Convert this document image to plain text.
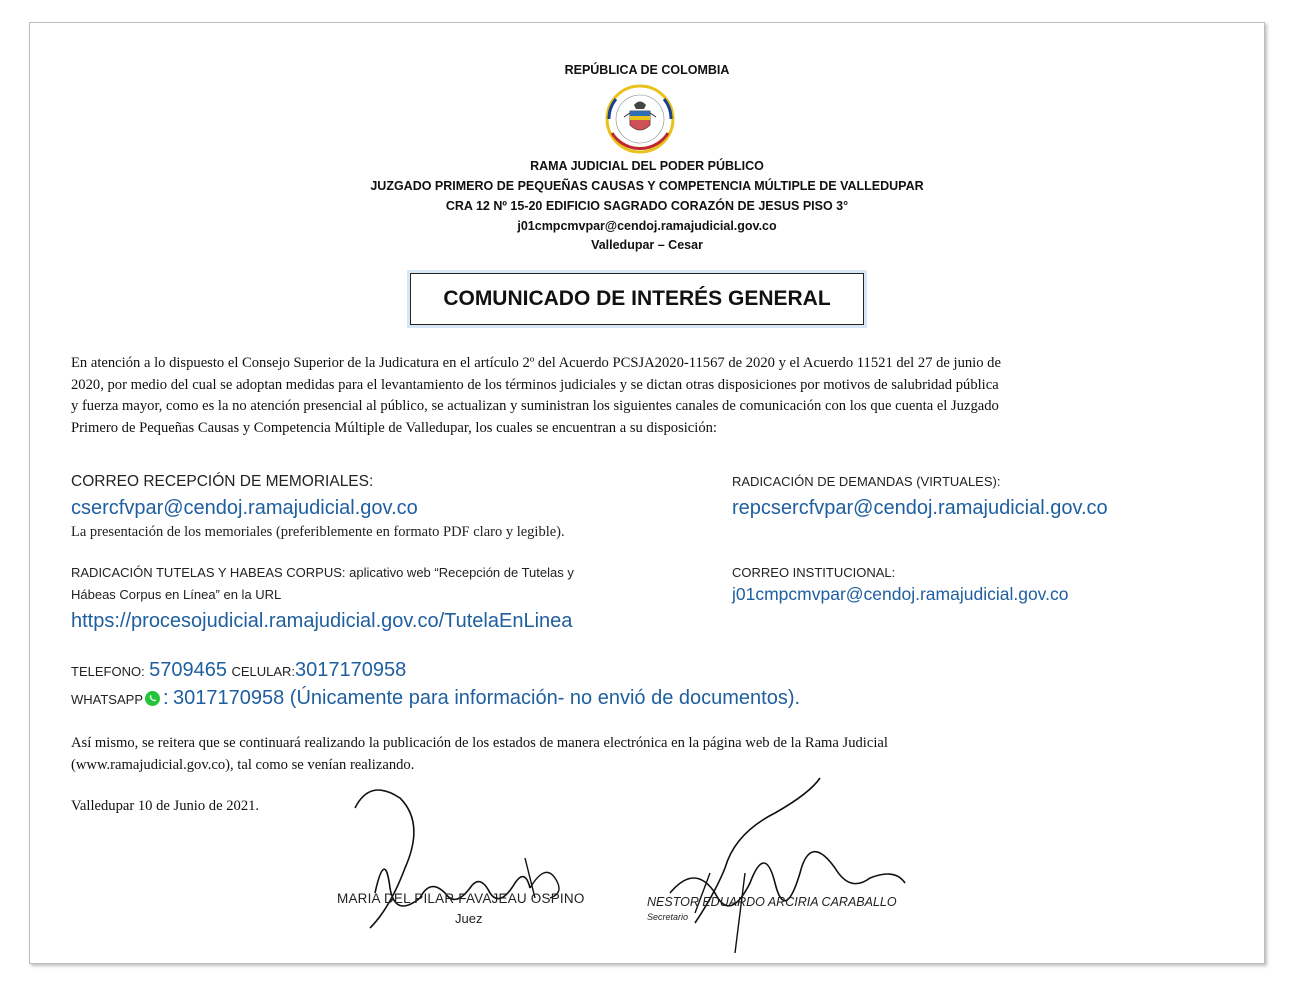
REPÚBLICA DE COLOMBIA
RAMA JUDICIAL DEL PODER PÚBLICO
JUZGADO PRIMERO DE PEQUEÑAS CAUSAS Y COMPETENCIA MÚLTIPLE DE VALLEDUPAR
CRA 12 Nº 15-20 EDIFICIO SAGRADO CORAZÓN DE JESUS PISO 3°
j01cmpcmvpar@cendoj.ramajudicial.gov.co
Valledupar – Cesar
COMUNICADO DE INTERÉS GENERAL
En atención a lo dispuesto el Consejo Superior de la Judicatura en el artículo 2º del Acuerdo PCSJA2020-11567 de 2020 y el Acuerdo 11521 del 27 de junio de
2020, por medio del cual se adoptan medidas para el levantamiento de los términos judiciales y se dictan otras disposiciones por motivos de salubridad pública
y fuerza mayor, como es la no atención presencial al público, se actualizan y suministran los siguientes canales de comunicación con los que cuenta el Juzgado
Primero de Pequeñas Causas y Competencia Múltiple de Valledupar, los cuales se encuentran a su disposición:
CORREO RECEPCIÓN DE MEMORIALES:
csercfvpar@cendoj.ramajudicial.gov.co
La presentación de los memoriales (preferiblemente en formato PDF claro y legible).
RADICACIÓN TUTELAS Y HABEAS CORPUS: aplicativo web “Recepción de Tutelas y
Hábeas Corpus en Línea” en la URL
https://procesojudicial.ramajudicial.gov.co/TutelaEnLinea
RADICACIÓN DE DEMANDAS (VIRTUALES):
repcsercfvpar@cendoj.ramajudicial.gov.co
CORREO INSTITUCIONAL:
j01cmpcmvpar@cendoj.ramajudicial.gov.co
TELEFONO: 5709465 CELULAR:3017170958
WHATSAPP : 3017170958 (Únicamente para información- no envió de documentos).
Así mismo, se reitera que se continuará realizando la publicación de los estados de manera electrónica en la página web de la Rama Judicial
(www.ramajudicial.gov.co), tal como se venían realizando.
Valledupar 10 de Junio de 2021.
MARIA DEL PILAR FAVAJEAU OSPINO
Juez
NESTOR EDUARDO ARCIRIA CARABALLO
Secretario
